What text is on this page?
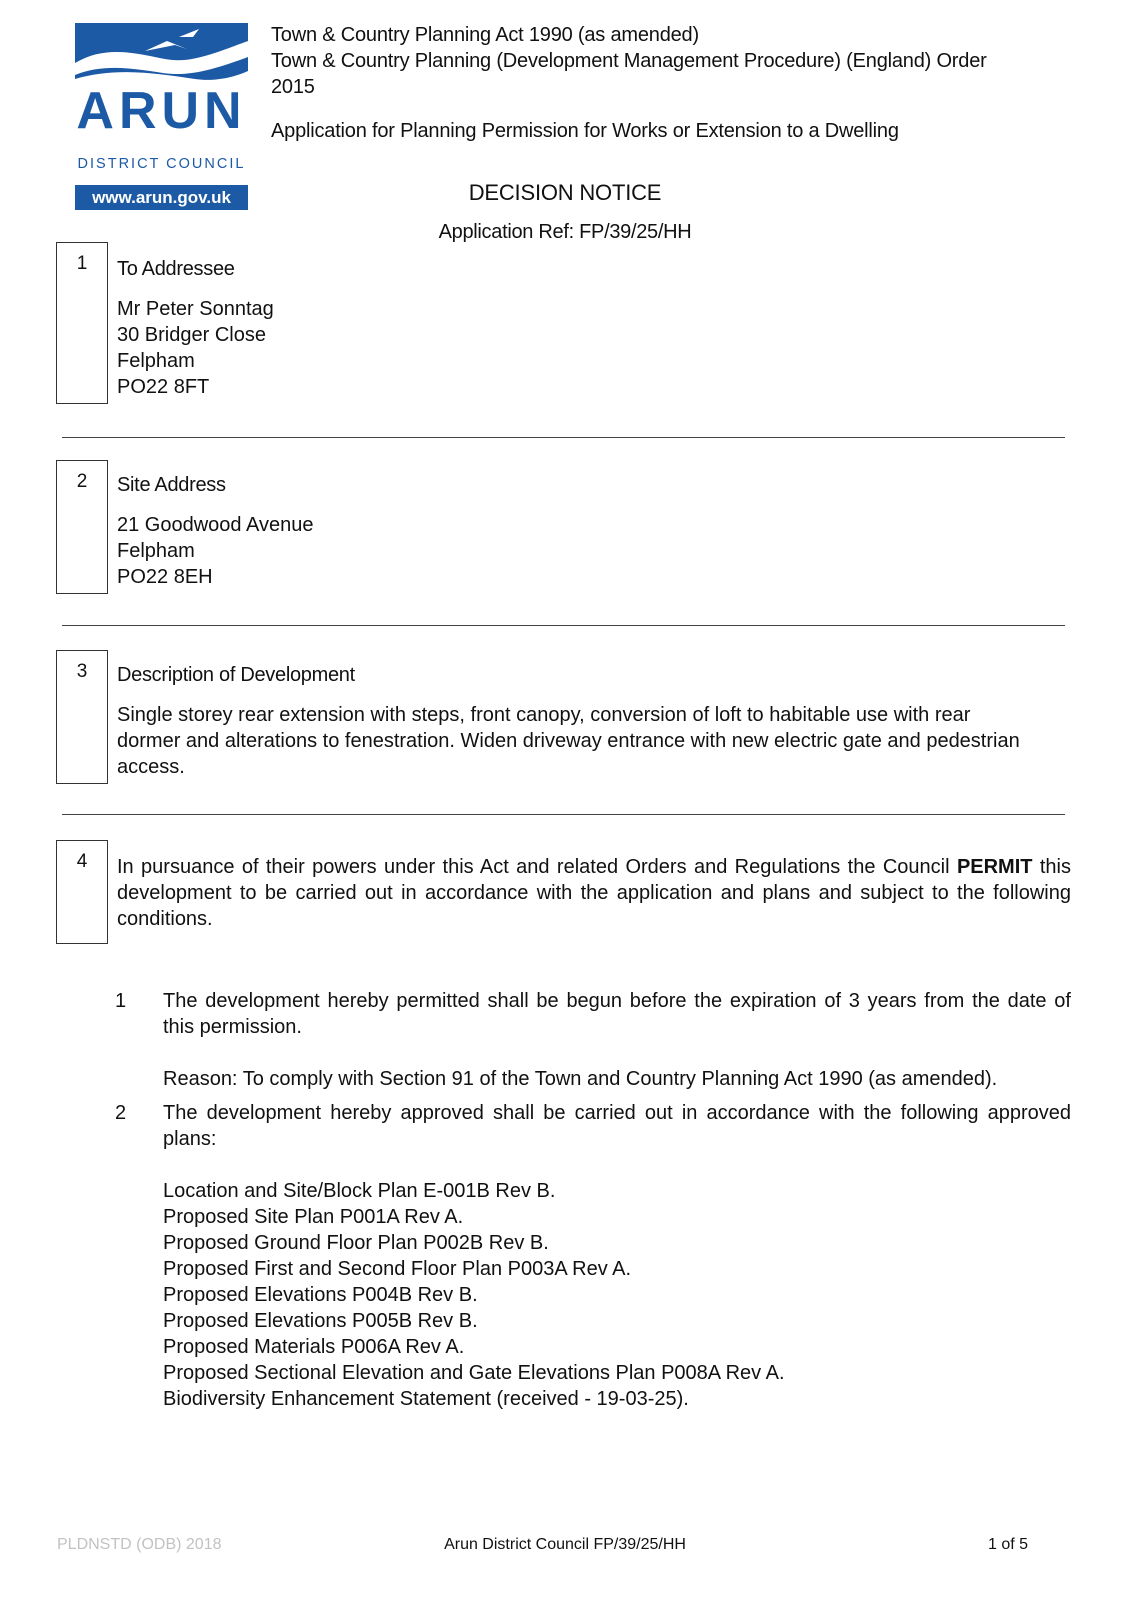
ARUN
DISTRICT COUNCIL
www.arun.gov.uk
Town & Country Planning Act 1990 (as amended)
Town & Country Planning (Development Management Procedure) (England) Order
2015
Application for Planning Permission for Works or Extension to a Dwelling
DECISION NOTICE
Application Ref: FP/39/25/HH
1	To Addressee
Mr Peter Sonntag
30 Bridger Close
Felpham
PO22 8FT
2	Site Address
21 Goodwood Avenue
Felpham
PO22 8EH
3	Description of Development
Single storey rear extension with steps, front canopy, conversion of loft to habitable use with rear
dormer and alterations to fenestration. Widen driveway entrance with new electric gate and pedestrian
access.
4	In pursuance of their powers under this Act and related Orders and Regulations the Council PERMIT this development to be carried out in accordance with the application and plans and subject to the following conditions.
1 The development hereby permitted shall be begun before the expiration of 3 years from the date of this permission.
Reason: To comply with Section 91 of the Town and Country Planning Act 1990 (as amended).
2 The development hereby approved shall be carried out in accordance with the following approved plans:
Location and Site/Block Plan E-001B Rev B.
Proposed Site Plan P001A Rev A.
Proposed Ground Floor Plan P002B Rev B.
Proposed First and Second Floor Plan P003A Rev A.
Proposed Elevations P004B Rev B.
Proposed Elevations P005B Rev B.
Proposed Materials P006A Rev A.
Proposed Sectional Elevation and Gate Elevations Plan P008A Rev A.
Biodiversity Enhancement Statement (received - 19-03-25).
PLDNSTD (ODB) 2018	Arun District Council FP/39/25/HH	1 of 5
